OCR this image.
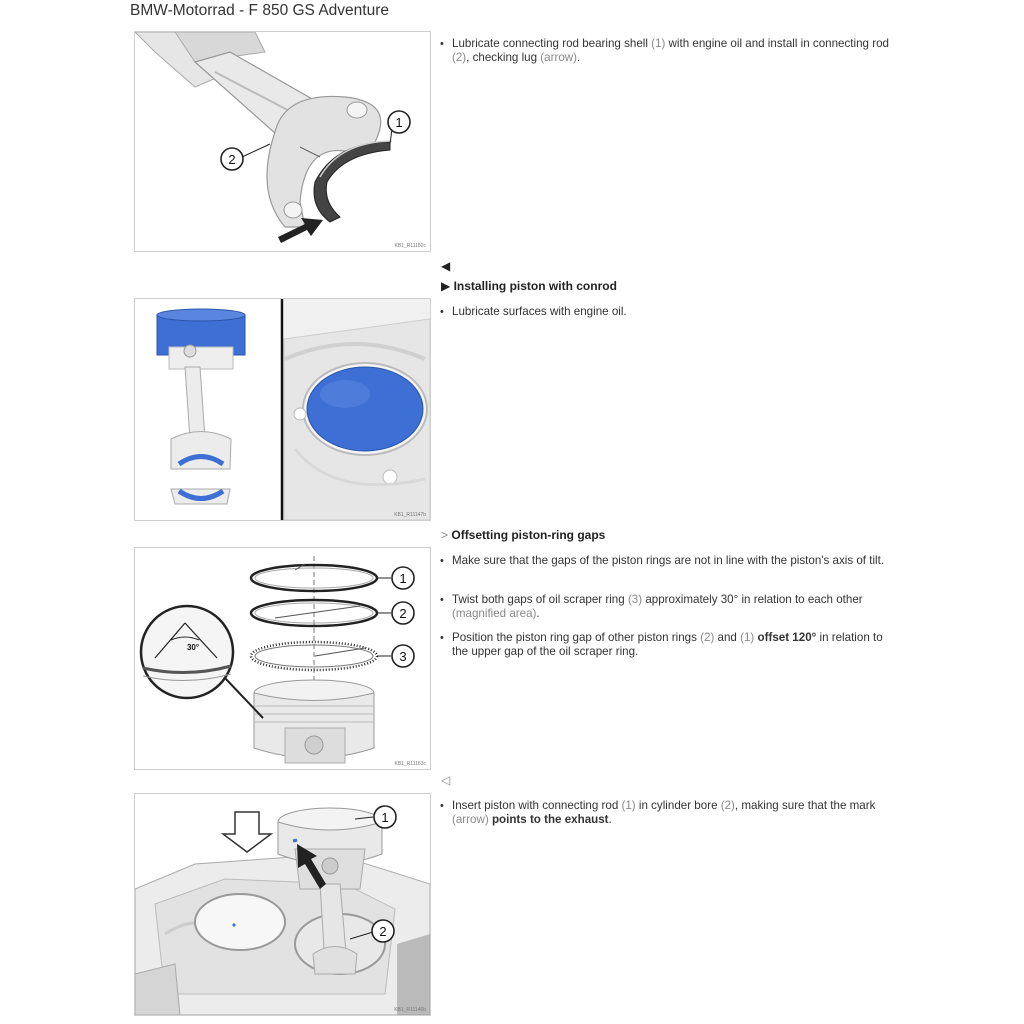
BMW-Motorrad - F 850 GS Adventure
1
2
KB1_R11182c
• Lubricate connecting rod bearing shell (1) with engine oil and install in connecting rod (2), checking lug (arrow).
◀
▶ Installing piston with conrod
KB1_R11147b
• Lubricate surfaces with engine oil.
> Offsetting piston-ring gaps
1
2
3
30°
KB1_R11163c
• Make sure that the gaps of the piston rings are not in line with the piston's axis of tilt.
• Twist both gaps of oil scraper ring (3) approximately 30° in relation to each other (magnified area).
• Position the piston ring gap of other piston rings (2) and (1) offset 120° in relation to the upper gap of the oil scraper ring.
◁
1
2
KB1_R11146b
• Insert piston with connecting rod (1) in cylinder bore (2), making sure that the mark (arrow) points to the exhaust.
